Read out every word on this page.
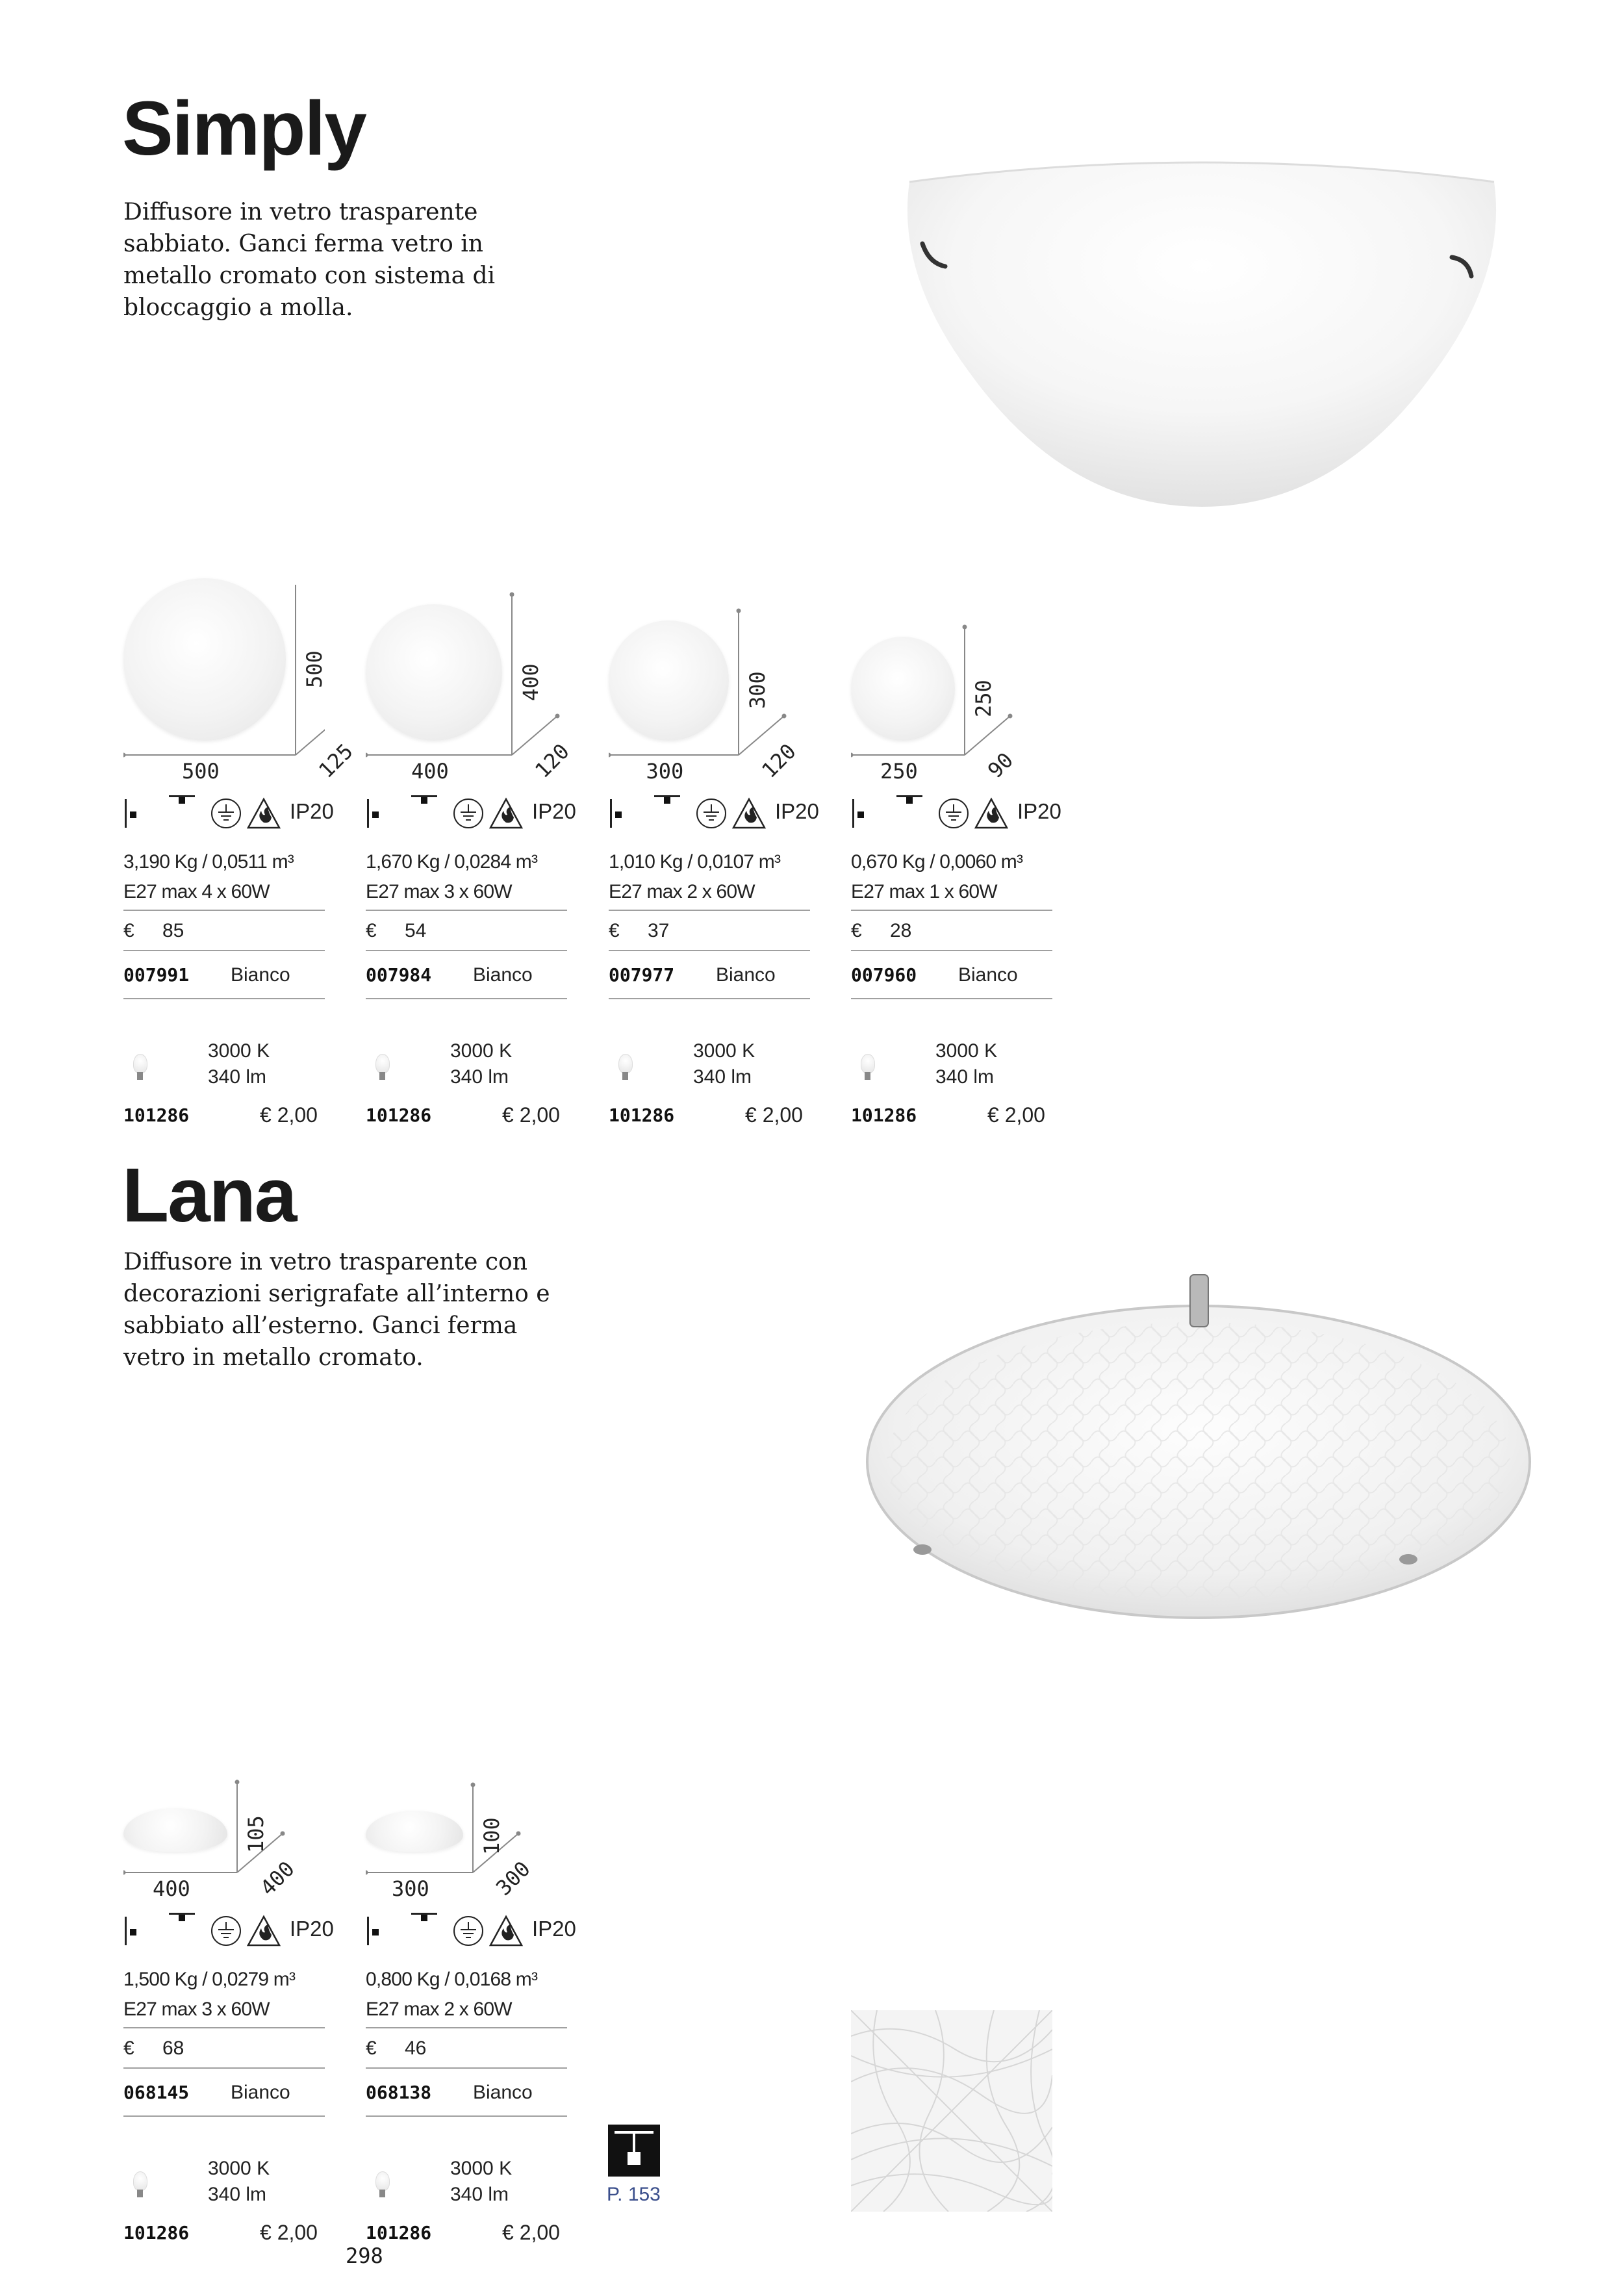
Simply
Diffusore in vetro trasparente sabbiato. Ganci ferma vetro in metallo cromato con sistema di bloccaggio a molla.
Lana
Diffusore in vetro trasparente con decorazioni serigrafate all’interno e sabbiato all’esterno. Ganci ferma vetro in metallo cromato.
P. 153
298
500
500
125
IP20
3,190 Kg / 0,0511 m³
E27 max 4 x 60W
€ 85
007991 Bianco
3000 K
340 lm
101286	€ 2,00
400
400
120
IP20
1,670 Kg / 0,0284 m³
E27 max 3 x 60W
€ 54
007984 Bianco
3000 K
340 lm
101286	€ 2,00
300
300
120
IP20
1,010 Kg / 0,0107 m³
E27 max 2 x 60W
€ 37
007977 Bianco
3000 K
340 lm
101286	€ 2,00
250
250
90
IP20
0,670 Kg / 0,0060 m³
E27 max 1 x 60W
€ 28
007960 Bianco
3000 K
340 lm
101286	€ 2,00
400
105
400
IP20
1,500 Kg / 0,0279 m³
E27 max 3 x 60W
€ 68
068145 Bianco
3000 K
340 lm
101286	€ 2,00
300
100
300
IP20
0,800 Kg / 0,0168 m³
E27 max 2 x 60W
€ 46
068138 Bianco
3000 K
340 lm
101286	€ 2,00
